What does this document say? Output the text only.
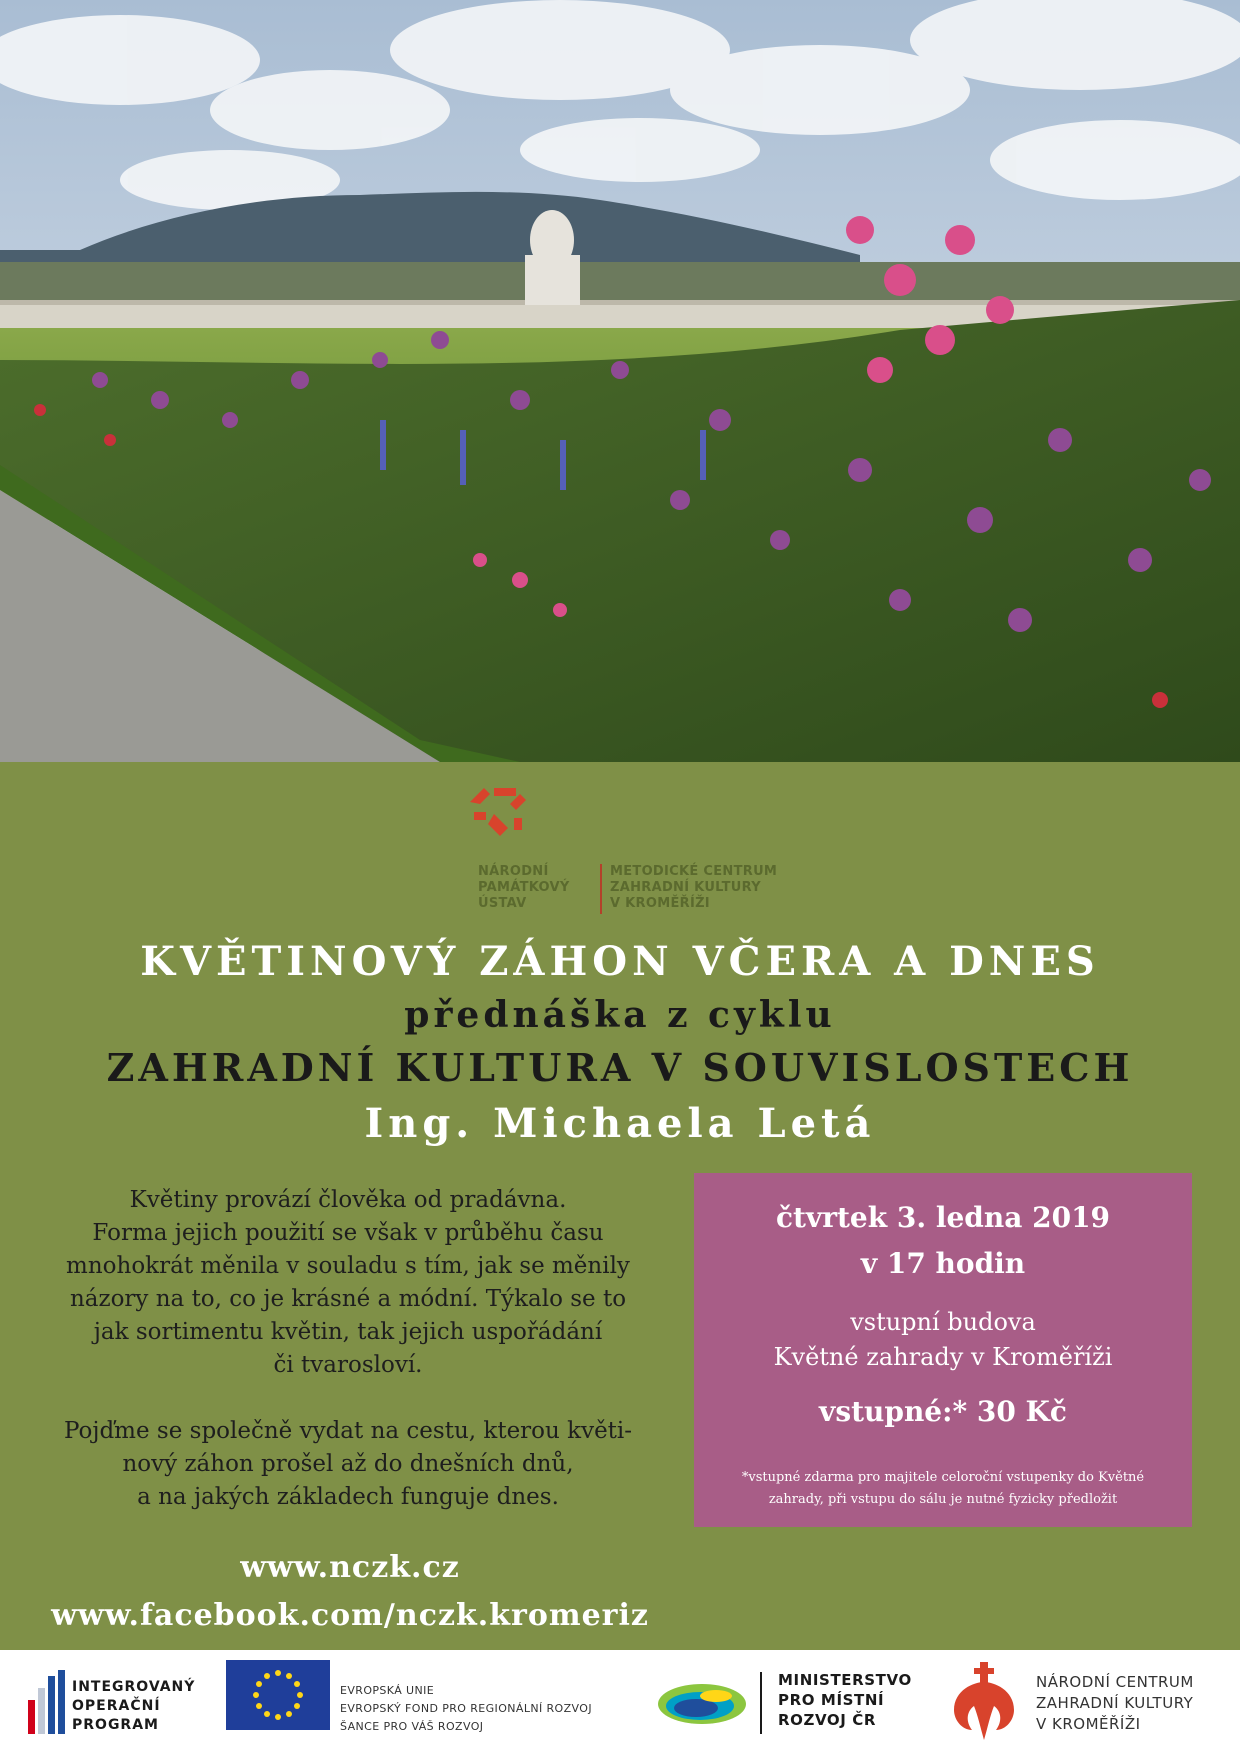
NÁRODNÍ
PAMÁTKOVÝ
ÚSTAV
METODICKÉ CENTRUM
ZAHRADNÍ KULTURY
V KROMĚŘÍŽI
KVĚTINOVÝ ZÁHON VČERA A DNES
přednáška z cyklu
ZAHRADNÍ KULTURA V SOUVISLOSTECH
Ing. Michaela Letá

Květiny provází člověka od pradávna.
Forma jejich použití se však v průběhu času
mnohokrát měnila v souladu s tím, jak se měnily
názory na to, co je krásné a módní. Týkalo se to
jak sortimentu květin, tak jejich uspořádání
či tvarosloví.

Pojďme se společně vydat na cestu, kterou květi-
nový záhon prošel až do dnešních dnů,
a na jakých základech funguje dnes.

čtvrtek 3. ledna 2019
v 17 hodin
vstupní budova
Květné zahrady v Kroměříži
vstupné:* 30 Kč
*vstupné zdarma pro majitele celoroční vstupenky do Květné
zahrady, při vstupu do sálu je nutné fyzicky předložit
www.nczk.cz
www.facebook.com/nczk.kromeriz
INTEGROVANÝ
OPERAČNÍ
PROGRAM
EVROPSKÁ UNIE
EVROPSKÝ FOND PRO REGIONÁLNÍ ROZVOJ
ŠANCE PRO VÁŠ ROZVOJ
MINISTERSTVO
PRO MÍSTNÍ
ROZVOJ ČR
NÁRODNÍ CENTRUM
ZAHRADNÍ KULTURY
V KROMĚŘÍŽI
